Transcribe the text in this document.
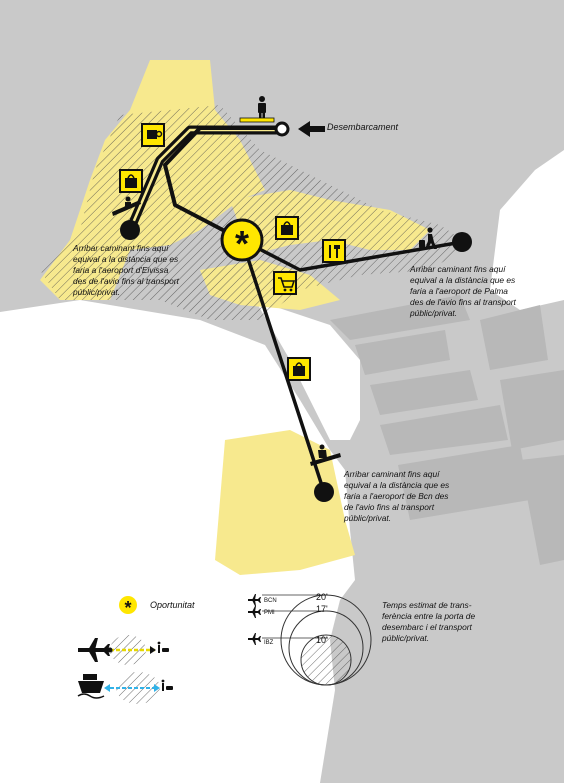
*
*	BCN
PMI
IBZ
20'
17'
10'
Desembarcament
Arribar caminant fins aquí
equival a la distància que es
faria a l'aeroport d'Eivissa
des de l'avio fins al transport
públic/privat.
Arribar caminant fins aquí
equival a la distància que es
faria a l'aeroport de Palma
des de l'avio fins al transport
públic/privat.
Arribar caminant fins aquí
equival a la distància que es
faria a l'aeroport de Bcn des
de l'avio fins al transport
públic/privat.
Oportunitat	Temps estimat de trans-
ferència entre la porta de
desembarc i el transport
públic/privat.
